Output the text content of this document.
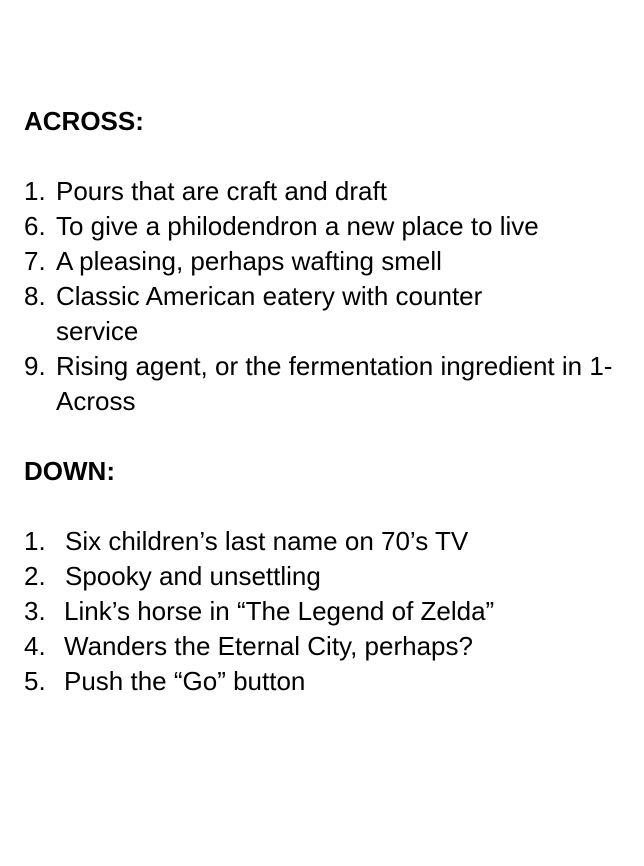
ACROSS:

1. Pours that are craft and draft
6. To give a philodendron a new place to live
7. A pleasing, perhaps wafting smell
8. Classic American eatery with counter service
9. Rising agent, or the fermentation ingredient in 1-Across

DOWN:

1. Six children’s last name on 70’s TV
2. Spooky and unsettling
3. Link’s horse in “The Legend of Zelda”
4. Wanders the Eternal City, perhaps?
5. Push the “Go” button
